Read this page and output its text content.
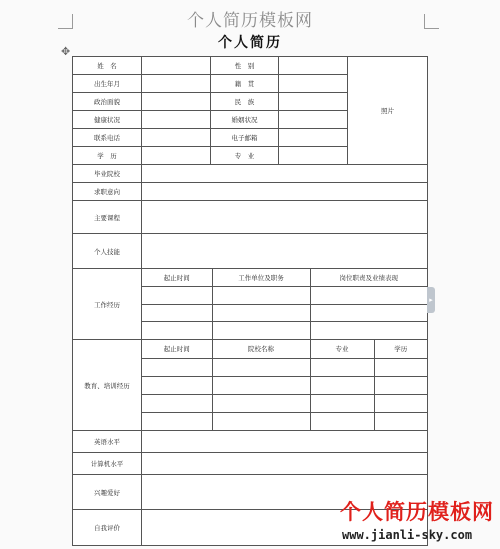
个人简历模板网
个人简历
✥
姓　名		性　别		照片
出生年月		籍　贯	
政治面貌		民　族	
健康状况		婚姻状况	
联系电话		电子邮箱	
学　历		专　业	
毕业院校	
求职意向	
主要课程	
个人技能	
工作经历	
起止时间	工作单位及职务	岗位职责及业绩表现

教育、培训经历	
起止时间	院校名称	专业	学历

英语水平	
计算机水平	
兴趣爱好	
自我评价	
▸
个人简历模板网
www.jianli-sky.com
